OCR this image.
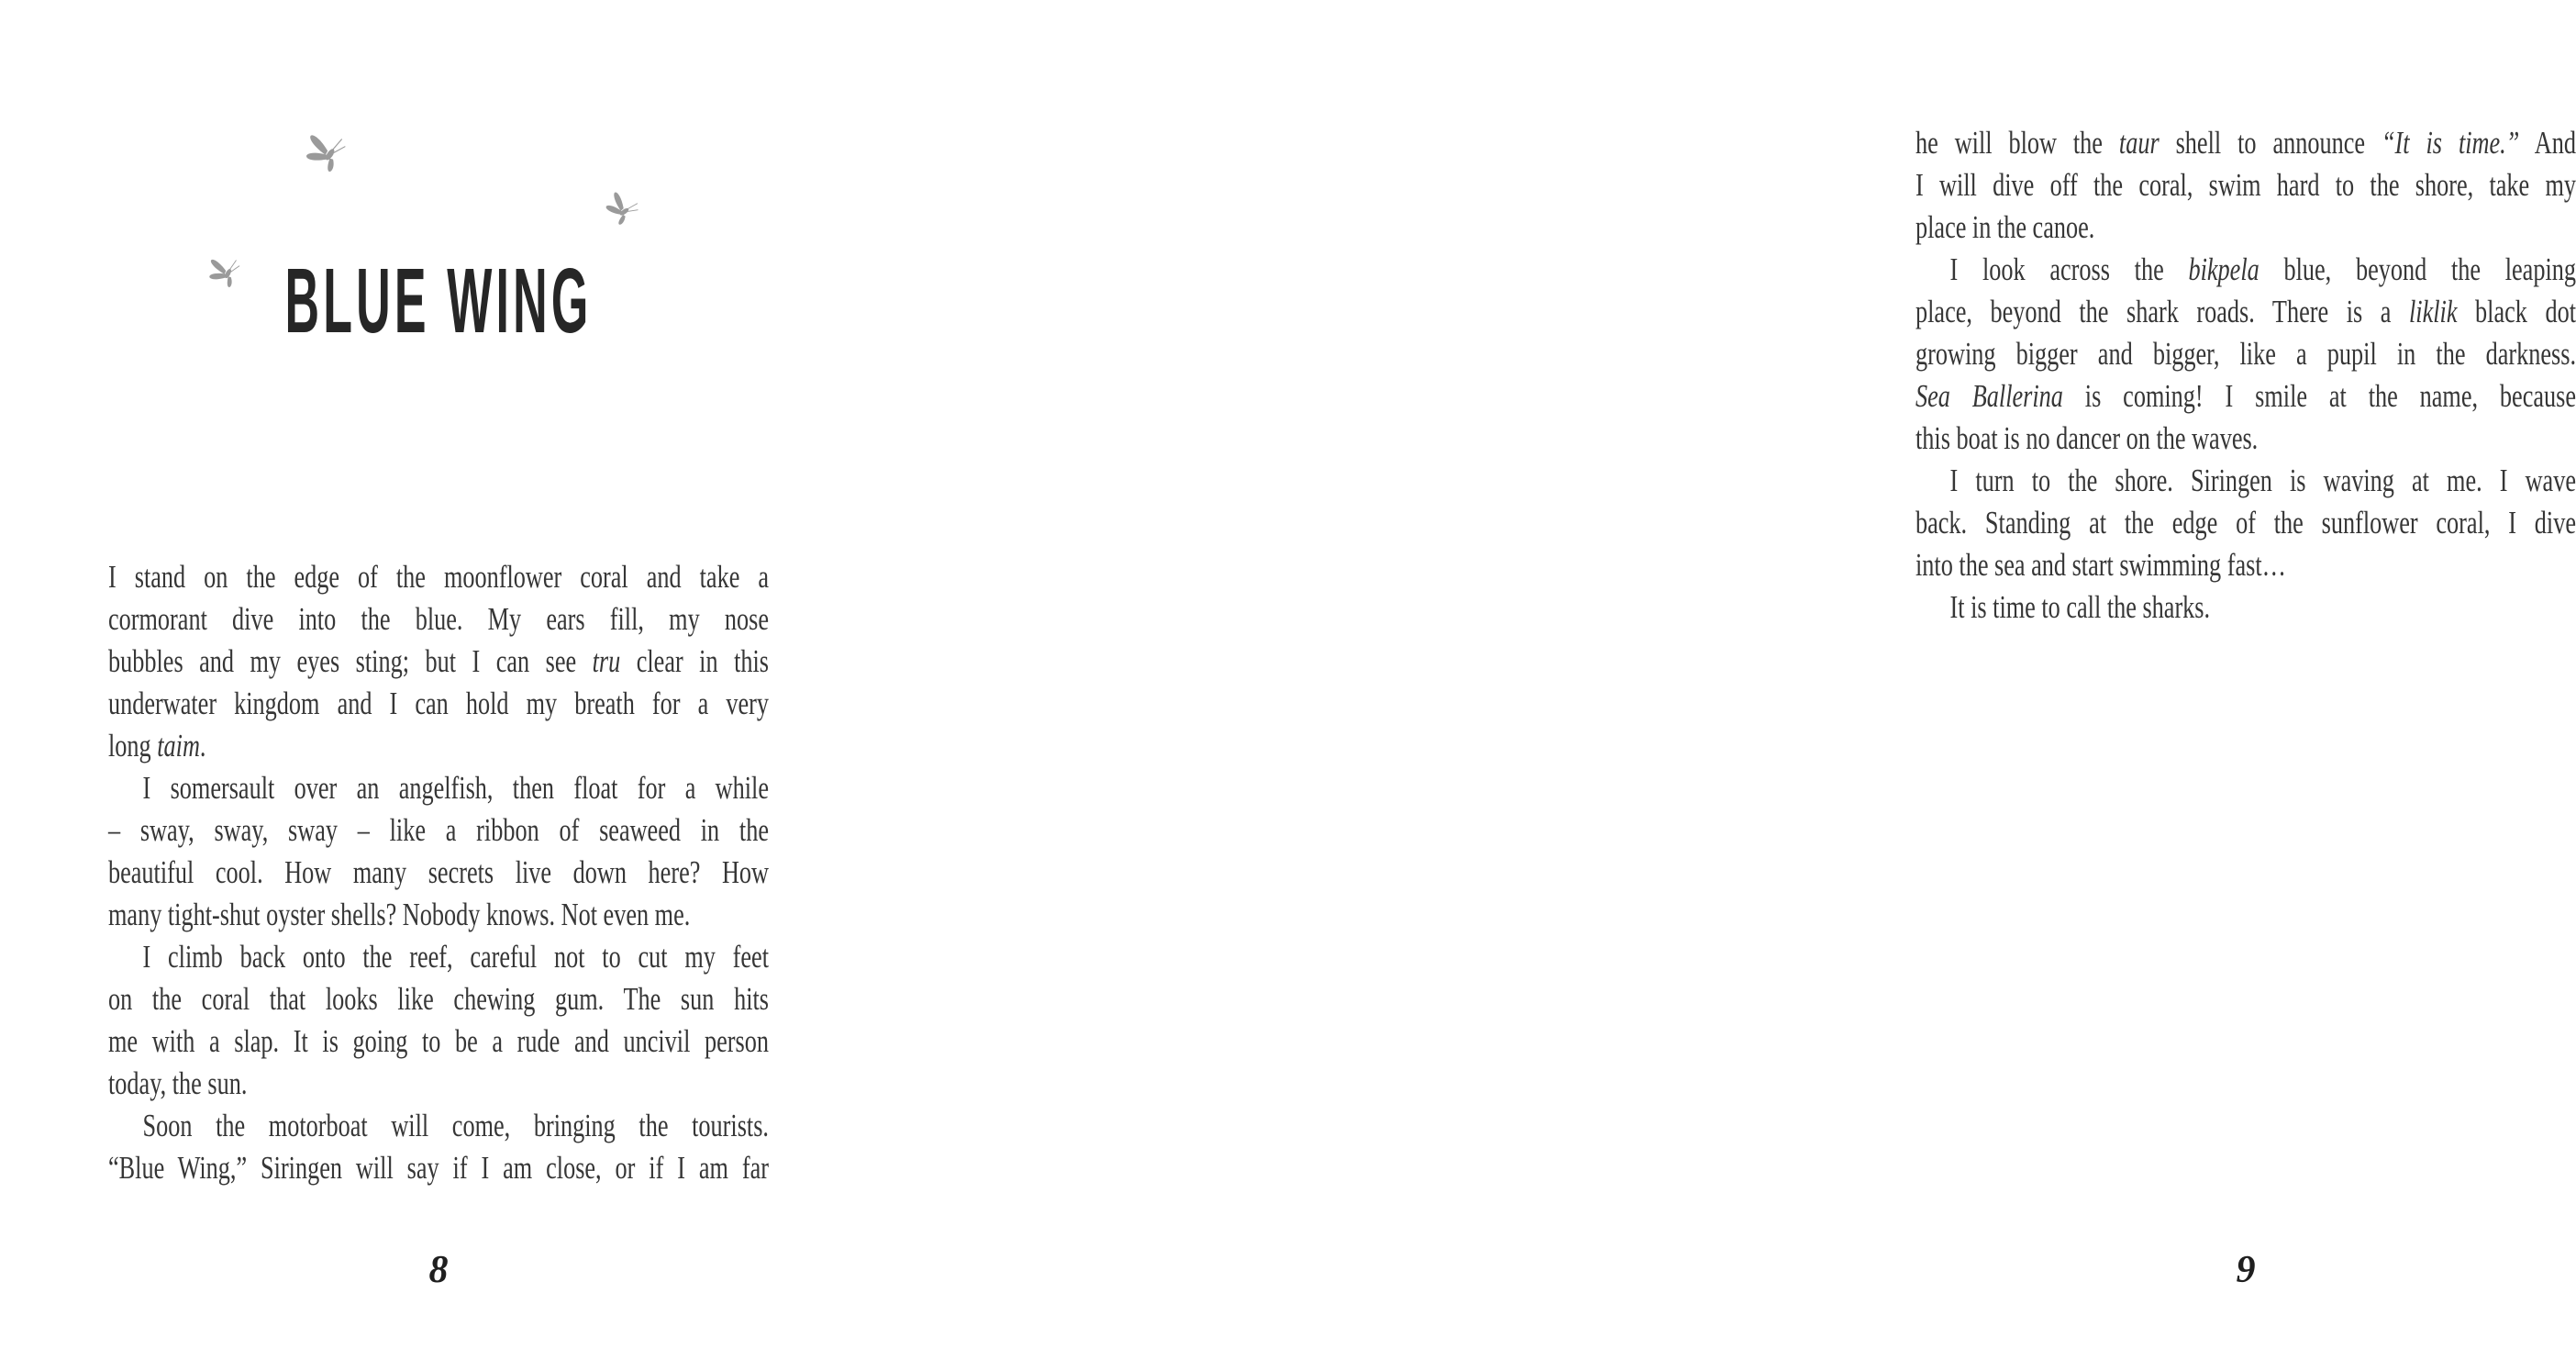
BLUE WING
I stand on the edge of the moonflower coral and take a
cormorant dive into the blue. My ears fill, my nose
bubbles and my eyes sting; but I can see tru clear in this
underwater kingdom and I can hold my breath for a very
long taim.
I somersault over an angelfish, then float for a while
– sway, sway, sway – like a ribbon of seaweed in the
beautiful cool. How many secrets live down here? How
many tight-shut oyster shells? Nobody knows. Not even me.
I climb back onto the reef, careful not to cut my feet
on the coral that looks like chewing gum. The sun hits
me with a slap. It is going to be a rude and uncivil person
today, the sun.
Soon the motorboat will come, bringing the tourists.
“Blue Wing,” Siringen will say if I am close, or if I am far
8
he will blow the taur shell to announce “It is time.” And
I will dive off the coral, swim hard to the shore, take my
place in the canoe.
I look across the bikpela blue, beyond the leaping
place, beyond the shark roads. There is a liklik black dot
growing bigger and bigger, like a pupil in the darkness.
Sea Ballerina is coming! I smile at the name, because
this boat is no dancer on the waves.
I turn to the shore. Siringen is waving at me. I wave
back. Standing at the edge of the sunflower coral, I dive
into the sea and start swimming fast…
It is time to call the sharks.
9
